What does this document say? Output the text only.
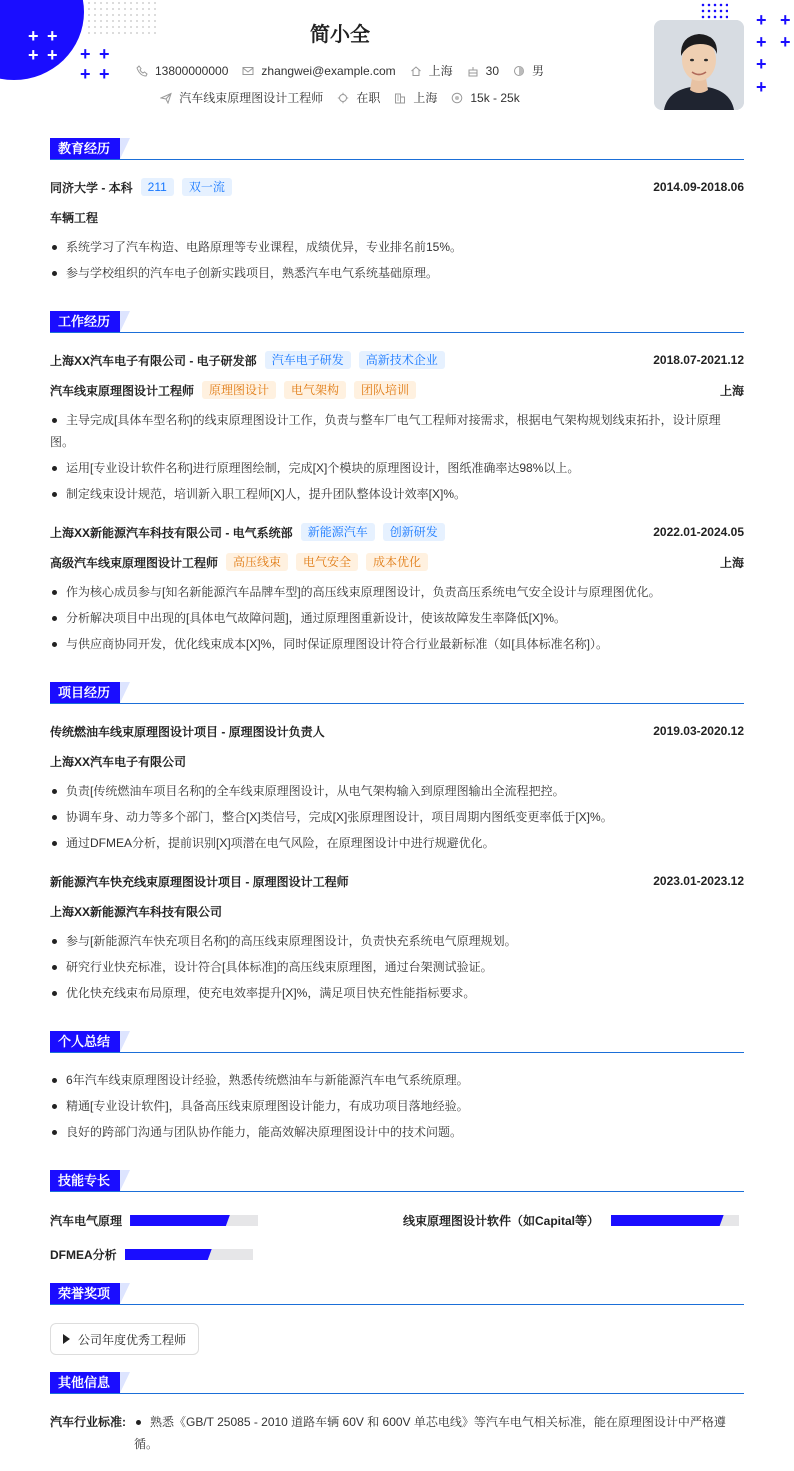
+ +
+ + + +
+ +
+ +
+ +
+
+
简小全
13800000000	zhangwei@example.com	上海	30	男
汽车线束原理图设计工程师	在职	上海	15k - 25k
教育经历
同济大学 - 本科	211	双一流	2014.09-2018.06
车辆工程
系统学习了汽车构造、电路原理等专业课程，成绩优异，专业排名前15%。
参与学校组织的汽车电子创新实践项目，熟悉汽车电气系统基础原理。
工作经历
上海XX汽车电子有限公司 - 电子研发部	汽车电子研发	高新技术企业	2018.07-2021.12
汽车线束原理图设计工程师	原理图设计	电气架构	团队培训	上海
主导完成[具体车型名称]的线束原理图设计工作，负责与整车厂电气工程师对接需求，根据电气架构规划线束拓扑，设计原理
图。
运用[专业设计软件名称]进行原理图绘制，完成[X]个模块的原理图设计，图纸准确率达98%以上。
制定线束设计规范，培训新入职工程师[X]人，提升团队整体设计效率[X]%。
上海XX新能源汽车科技有限公司 - 电气系统部	新能源汽车	创新研发	2022.01-2024.05
高级汽车线束原理图设计工程师	高压线束	电气安全	成本优化	上海
作为核心成员参与[知名新能源汽车品牌车型]的高压线束原理图设计，负责高压系统电气安全设计与原理图优化。
分析解决项目中出现的[具体电气故障问题]，通过原理图重新设计，使该故障发生率降低[X]%。
与供应商协同开发，优化线束成本[X]%，同时保证原理图设计符合行业最新标准（如[具体标准名称]）。
项目经历
传统燃油车线束原理图设计项目 - 原理图设计负责人	2019.03-2020.12
上海XX汽车电子有限公司
负责[传统燃油车项目名称]的全车线束原理图设计，从电气架构输入到原理图输出全流程把控。
协调车身、动力等多个部门，整合[X]类信号，完成[X]张原理图设计，项目周期内图纸变更率低于[X]%。
通过DFMEA分析，提前识别[X]项潜在电气风险，在原理图设计中进行规避优化。
新能源汽车快充线束原理图设计项目 - 原理图设计工程师	2023.01-2023.12
上海XX新能源汽车科技有限公司
参与[新能源汽车快充项目名称]的高压线束原理图设计，负责快充系统电气原理规划。
研究行业快充标准，设计符合[具体标准]的高压线束原理图，通过台架测试验证。
优化快充线束布局原理，使充电效率提升[X]%，满足项目快充性能指标要求。
个人总结
6年汽车线束原理图设计经验，熟悉传统燃油车与新能源汽车电气系统原理。
精通[专业设计软件]，具备高压线束原理图设计能力，有成功项目落地经验。
良好的跨部门沟通与团队协作能力，能高效解决原理图设计中的技术问题。
技能专长
汽车电气原理	线束原理图设计软件（如Capital等）
DFMEA分析
荣誉奖项
公司年度优秀工程师
其他信息
汽车行业标准:	熟悉《GB/T 25085 - 2010 道路车辆 60V 和 600V 单芯电线》等汽车电气相关标准，能在原理图设计中严格遵
循。
